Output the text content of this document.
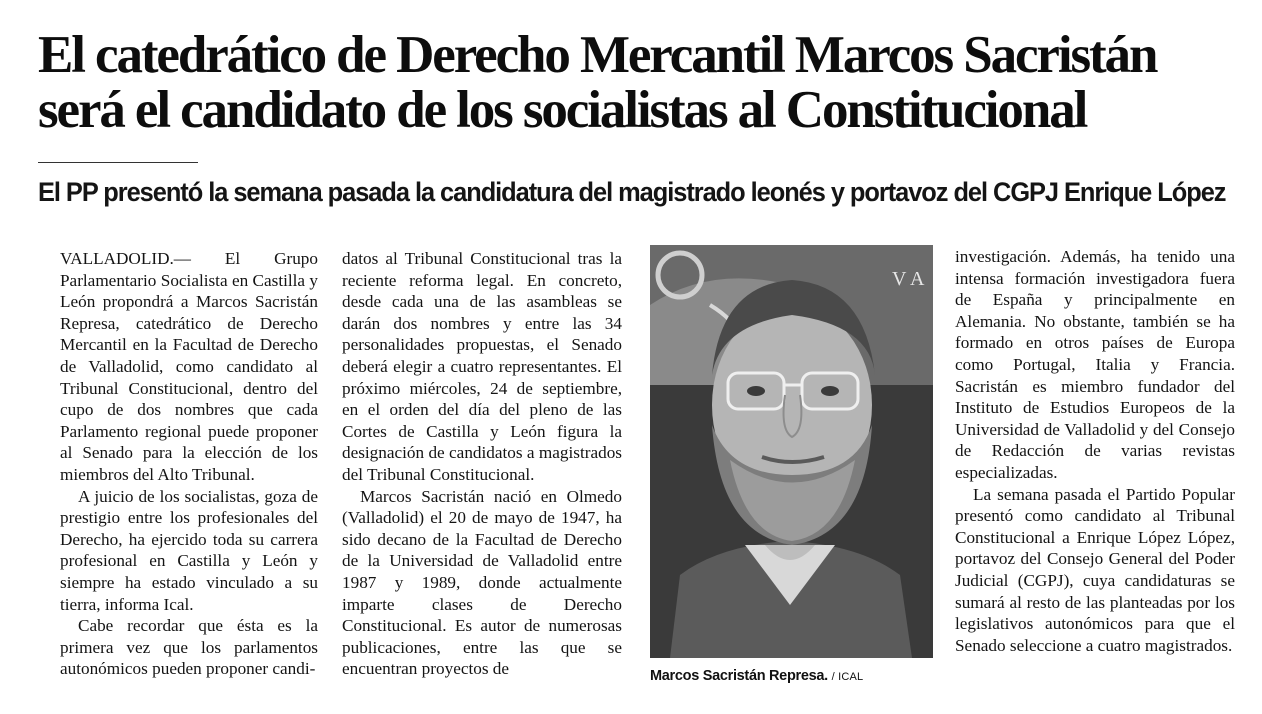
El catedrático de Derecho Mercantil Marcos Sacristán
será el candidato de los socialistas al Constitucional
El PP presentó la semana pasada la candidatura del magistrado leonés y portavoz del CGPJ Enrique López

VALLADOLID.— El Grupo Parlamentario Socialista en Castilla y León propondrá a Marcos Sacristán Represa, catedrático de Derecho Mercantil en la Facultad de Derecho de Valladolid, como candidato al Tribunal Constitucional, dentro del cupo de dos nombres que cada Parlamento regional puede proponer al Senado para la elección de los miembros del Alto Tribunal.

A juicio de los socialistas, goza de prestigio entre los profesionales del Derecho, ha ejercido toda su carrera profesional en Castilla y León y siempre ha estado vinculado a su tierra, informa Ical.

Cabe recordar que ésta es la primera vez que los parlamentos autonómicos pueden proponer candi-

datos al Tribunal Constitucional tras la reciente reforma legal. En concreto, desde cada una de las asambleas se darán dos nombres y entre las 34 personalidades propuestas, el Senado deberá elegir a cuatro representantes. El próximo miércoles, 24 de septiembre, en el orden del día del pleno de las Cortes de Castilla y León figura la designación de candidatos a magistrados del Tribunal Constitucional.

Marcos Sacristán nació en Olmedo (Valladolid) el 20 de mayo de 1947, ha sido decano de la Facultad de Derecho de la Universidad de Valladolid entre 1987 y 1989, donde actualmente imparte clases de Derecho Constitucional. Es autor de numerosas publicaciones, entre las que se encuentran proyectos de

V A
Marcos Sacristán Represa. / ICAL

investigación. Además, ha tenido una intensa formación investigadora fuera de España y principalmente en Alemania. No obstante, también se ha formado en otros países de Europa como Portugal, Italia y Francia. Sacristán es miembro fundador del Instituto de Estudios Europeos de la Universidad de Valladolid y del Consejo de Redacción de varias revistas especializadas.

La semana pasada el Partido Popular presentó como candidato al Tribunal Constitucional a Enrique López López, portavoz del Consejo General del Poder Judicial (CGPJ), cuya candidaturas se sumará al resto de las planteadas por los legislativos autonómicos para que el Senado seleccione a cuatro magistrados.
